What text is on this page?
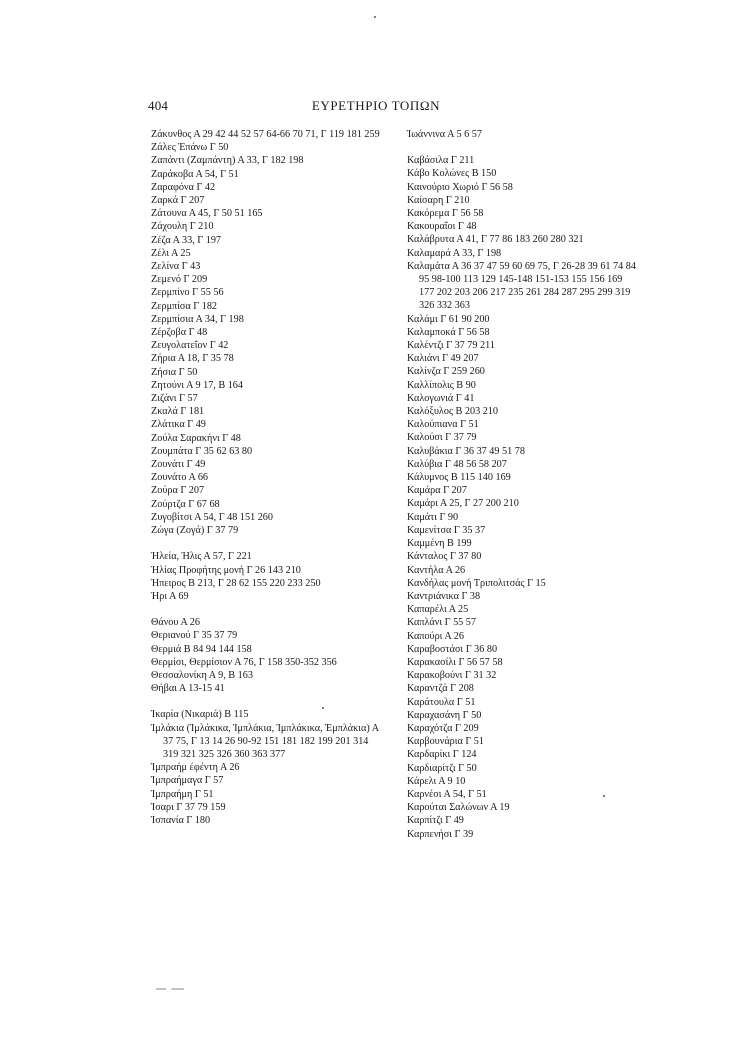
404	ΕΥΡΕΤΗΡΙΟ ΤΟΠΩΝ
Ζάκυνθος Α 29 42 44 52 57 64-66 70 71, Γ 119 181 259
Ζάλες Έπάνω Γ 50
Ζαπάντι (Ζαμπάντη) Α 33, Γ 182 198
Ζαράκοβα Α 54, Γ 51
Ζαραφόνα Γ 42
Ζαρκά Γ 207
Ζάτουνα Α 45, Γ 50 51 165
Ζάχουλη Γ 210
Ζέζα Α 33, Γ 197
Ζέλι Α 25
Ζελίνα Γ 43
Ζεμενό Γ 209
Ζερμπίνο Γ 55 56
Ζερμπίσα Γ 182
Ζερμπίσια Α 34, Γ 198
Ζέρζοβα Γ 48
Ζευγολατεΐον Γ 42
Ζήρια Α 18, Γ 35 78
Ζήσια Γ 50
Ζητούνι Α 9 17, Β 164
Ζιζάνι Γ 57
Ζκαλά Γ 181
Ζλάτικα Γ 49
Ζούλα Σαρακήνι Γ 48
Ζουμπάτα Γ 35 62 63 80
Ζουνάτι Γ 49
Ζουνάτο Α 66
Ζούρα Γ 207
Ζούρτζα Γ 67 68
Ζυγοβίτσι Α 54, Γ 48 151 260
Ζώγα (Ζογά) Γ 37 79
Ήλεία, Ήλις Α 57, Γ 221
Ήλίας Προφήτης μονή Γ 26 143 210
Ήπειρος Β 213, Γ 28 62 155 220 233 250
Ήρι Α 69
Θάνου Α 26
Θεριανού Γ 35 37 79
Θερμιά Β 84 94 144 158
Θερμίσι, Θερμίσιον Α 76, Γ 158 350-352 356
Θεσσαλονίκη Α 9, Β 163
Θήβαι Α 13-15 41
Ίκαρία (Νικαριά) Β 115
Ίμλάκια (Ίμλάκικα, Ίμπλάκια, Ίμπλάκικα, Έμπλάκια) Α 37 75, Γ 13 14 26 90-92 151 181 182 199 201 314 319 321 325 326 360 363 377
Ίμπραήμ έφέντη Α 26
Ίμπραήμαγα Γ 57
Ίμπραήμη Γ 51
Ίσαρι Γ 37 79 159
Ίσπανία Γ 180
Ίωάννινα Α 5 6 57
Καβάσιλα Γ 211
Κάβο Κολώνες Β 150
Καινούριο Χωριό Γ 56 58
Καίσαρη Γ 210
Κακόρεμα Γ 56 58
Κακουραΐοι Γ 48
Καλάβρυτα Α 41, Γ 77 86 183 260 280 321
Καλαμαρά Α 33, Γ 198
Καλαμάτα Α 36 37 47 59 60 69 75, Γ 26-28 39 61 74 84 95 98-100 113 129 145-148 151-153 155 156 169 177 202 203 206 217 235 261 284 287 295 299 319 326 332 363
Καλάμι Γ 61 90 200
Καλαμποκά Γ 56 58
Καλέντζι Γ 37 79 211
Καλιάνι Γ 49 207
Καλίνζα Γ 259 260
Καλλίπολις Β 90
Καλογωνιά Γ 41
Καλόξυλος Β 203 210
Καλούπιανα Γ 51
Καλούσι Γ 37 79
Καλυβάκια Γ 36 37 49 51 78
Καλύβια Γ 48 56 58 207
Κάλυμνος Β 115 140 169
Καμάρα Γ 207
Καμάρι Α 25, Γ 27 200 210
Καμάτι Γ 90
Καμενίτσα Γ 35 37
Καμμένη Β 199
Κάνταλος Γ 37 80
Καντήλα Α 26
Κανδήλας μονή Τριπολιτσάς Γ 15
Καντριάνικα Γ 38
Καπαρέλι Α 25
Καπλάνι Γ 55 57
Καπούρι Α 26
Καραβοστάσι Γ 36 80
Καρακασίλι Γ 56 57 58
Καρακοβούνι Γ 31 32
Καραντζά Γ 208
Καράτουλα Γ 51
Καραχασάνη Γ 50
Καραχότζα Γ 209
Καρβουνάρια Γ 51
Καρδαρίκι Γ 124
Καρδιαρίτζι Γ 50
Κάρελι Α 9 10
Καρνέσι Α 54, Γ 51
Καρούται Σαλώνων Α 19
Καρπίτζι Γ 49
Καρπενήσι Γ 39
